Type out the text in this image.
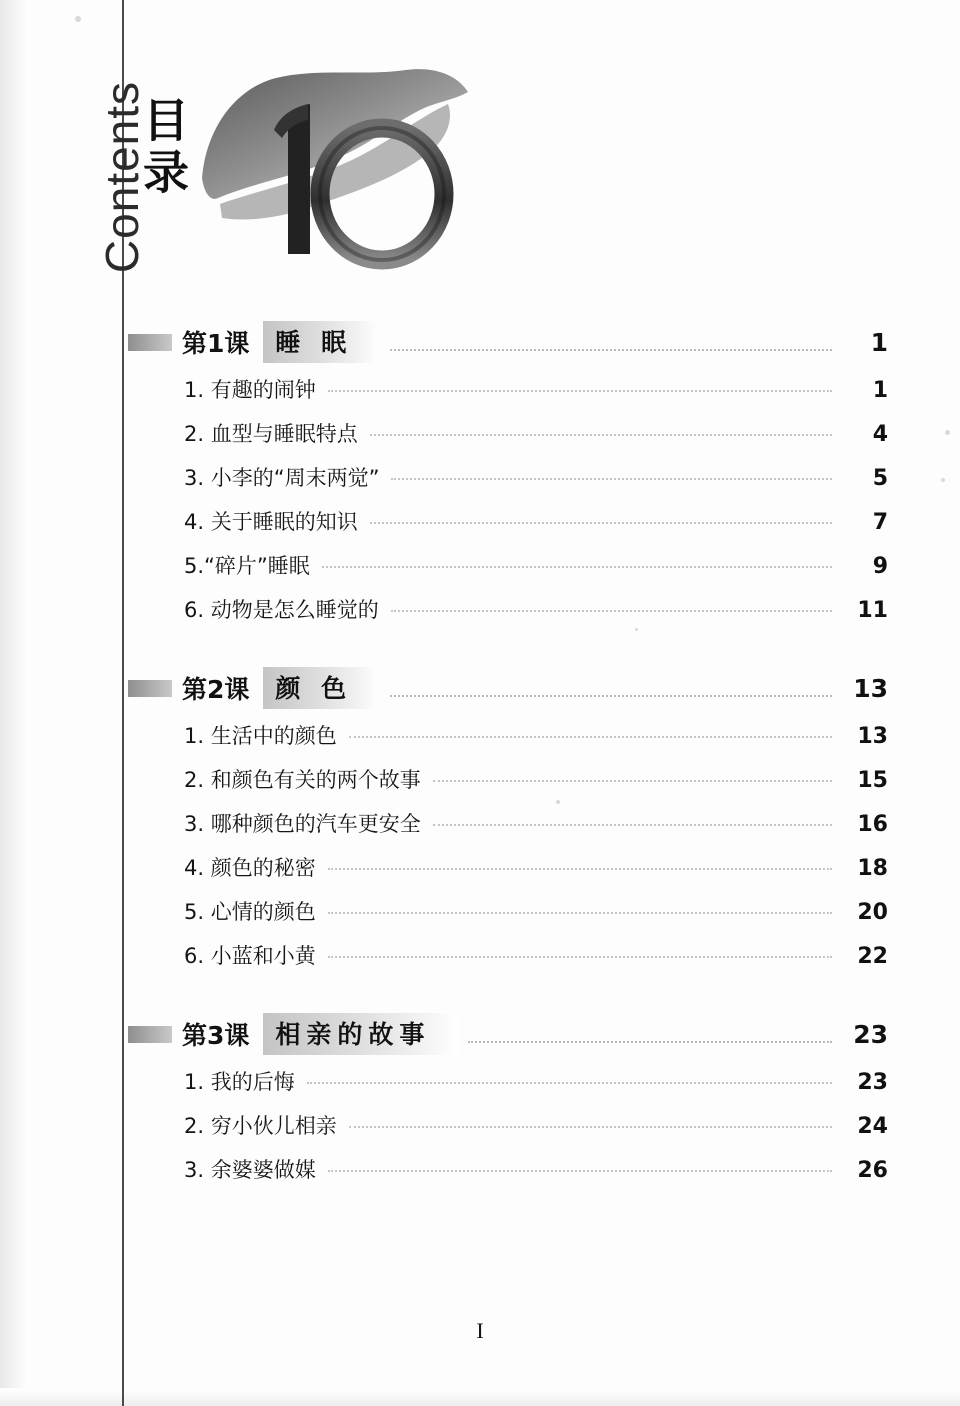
Contents
目录
第1课	睡 眠	1
1. 有趣的闹钟	1
2. 血型与睡眠特点	4
3. 小李的“周末两觉”	5
4. 关于睡眠的知识	7
5.“碎片”睡眠	9
6. 动物是怎么睡觉的	11
第2课	颜 色	13
1. 生活中的颜色	13
2. 和颜色有关的两个故事	15
3. 哪种颜色的汽车更安全	16
4. 颜色的秘密	18
5. 心情的颜色	20
6. 小蓝和小黄	22
第3课	相亲的故事	23
1. 我的后悔	23
2. 穷小伙儿相亲	24
3. 余婆婆做媒	26
I
